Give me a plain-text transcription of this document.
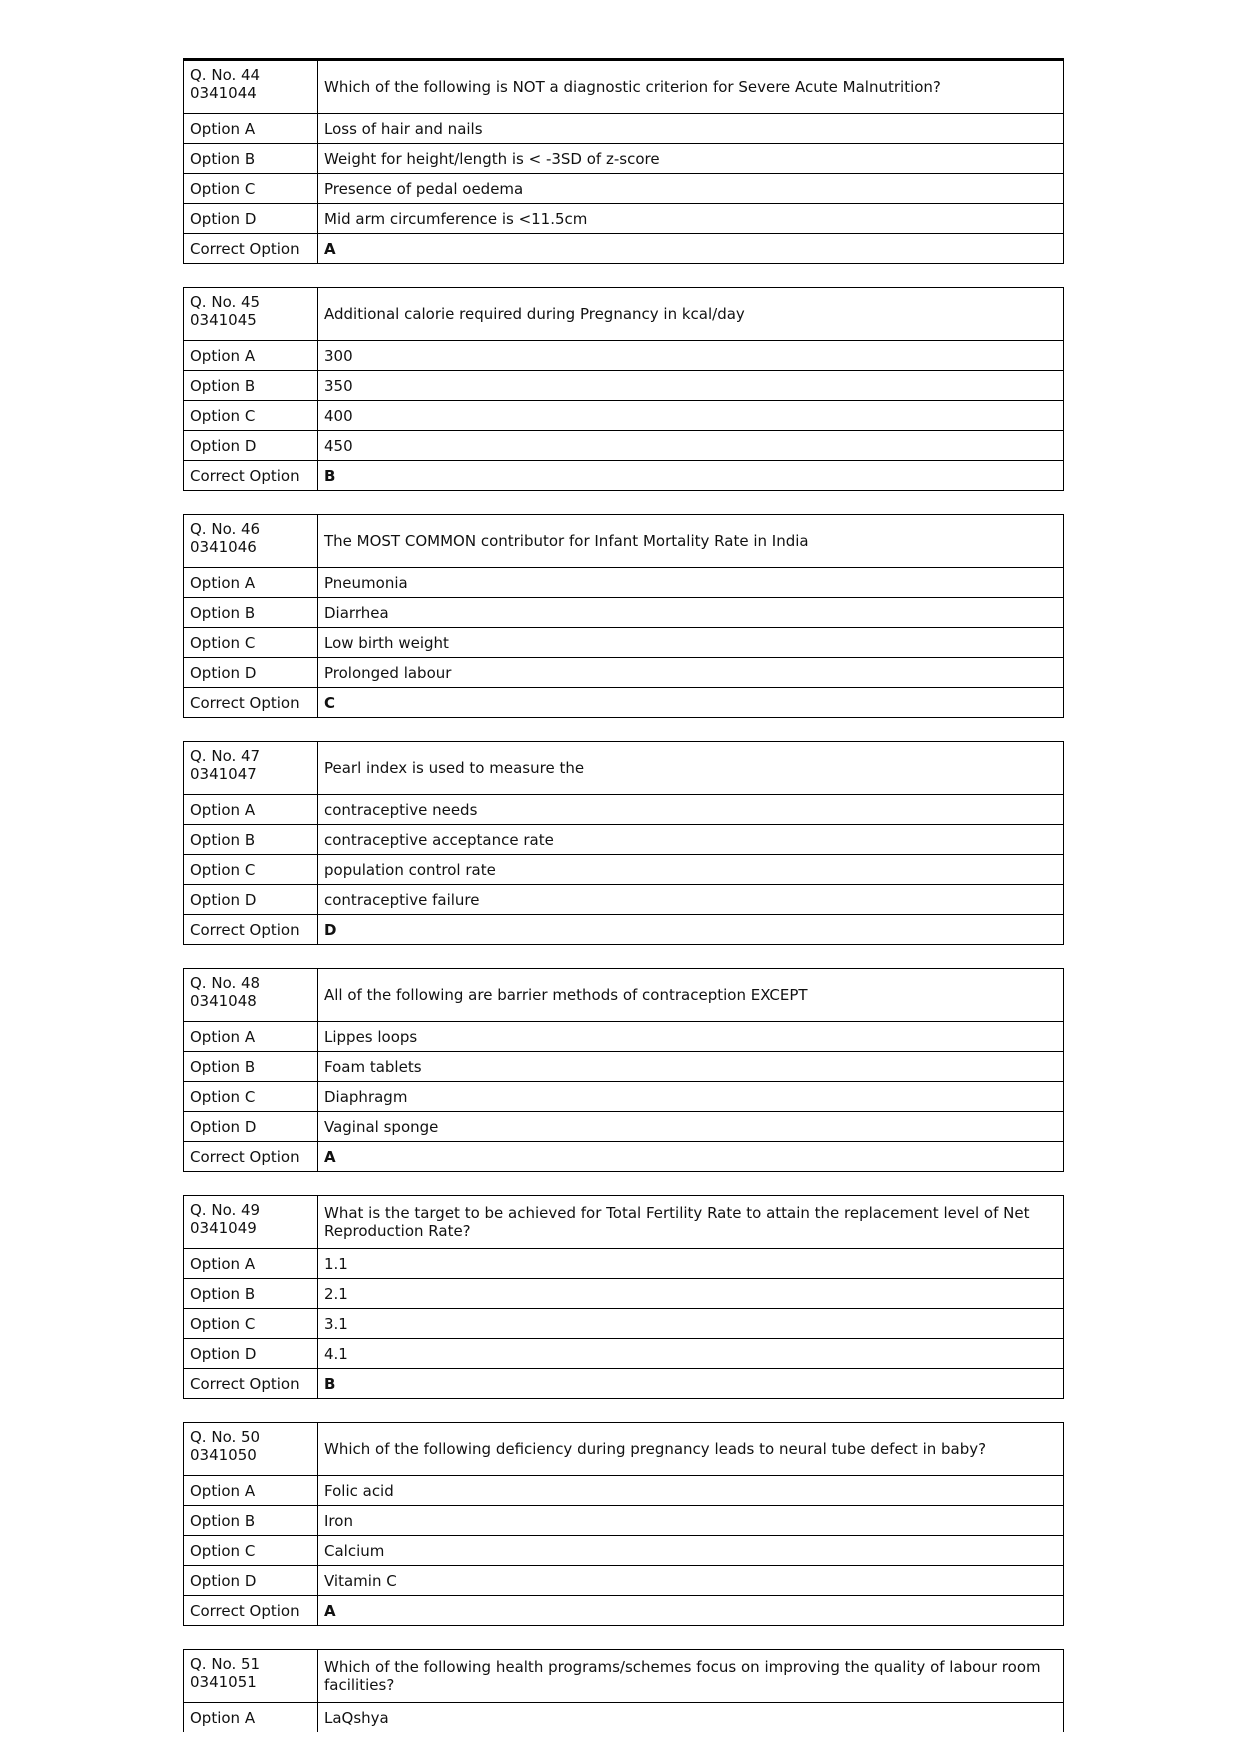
Q. No. 44
0341044	Which of the following is NOT a diagnostic criterion for Severe Acute Malnutrition?
Option A	Loss of hair and nails
Option B	Weight for height/length is < -3SD of z-score
Option C	Presence of pedal oedema
Option D	Mid arm circumference is <11.5cm
Correct Option	A
Q. No. 45
0341045	Additional calorie required during Pregnancy in kcal/day
Option A	300
Option B	350
Option C	400
Option D	450
Correct Option	B
Q. No. 46
0341046	The MOST COMMON contributor for Infant Mortality Rate in India
Option A	Pneumonia
Option B	Diarrhea
Option C	Low birth weight
Option D	Prolonged labour
Correct Option	C
Q. No. 47
0341047	Pearl index is used to measure the
Option A	contraceptive needs
Option B	contraceptive acceptance rate
Option C	population control rate
Option D	contraceptive failure
Correct Option	D
Q. No. 48
0341048	All of the following are barrier methods of contraception EXCEPT
Option A	Lippes loops
Option B	Foam tablets
Option C	Diaphragm
Option D	Vaginal sponge
Correct Option	A
Q. No. 49
0341049	What is the target to be achieved for Total Fertility Rate to attain the replacement level of Net Reproduction Rate?
Option A	1.1
Option B	2.1
Option C	3.1
Option D	4.1
Correct Option	B
Q. No. 50
0341050	Which of the following deficiency during pregnancy leads to neural tube defect in baby?
Option A	Folic acid
Option B	Iron
Option C	Calcium
Option D	Vitamin C
Correct Option	A
Q. No. 51
0341051	Which of the following health programs/schemes focus on improving the quality of labour room facilities?
Option A	LaQshya
